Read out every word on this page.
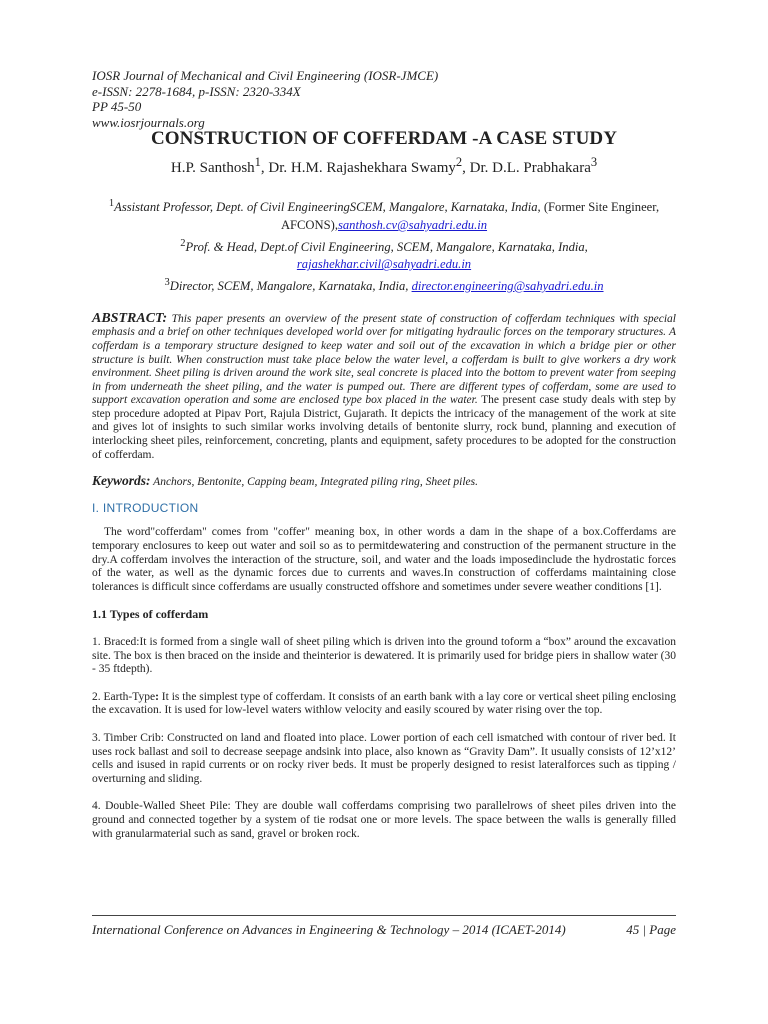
IOSR Journal of Mechanical and Civil Engineering (IOSR-JMCE)
e-ISSN: 2278-1684, p-ISSN: 2320-334X
PP 45-50
www.iosrjournals.org
CONSTRUCTION OF COFFERDAM -A CASE STUDY
H.P. Santhosh$^1$, Dr. H.M. Rajashekhara Swamy$^2$, Dr. D.L. Prabhakara$^3$
$^1$Assistant Professor, Dept. of Civil EngineeringSCEM, Mangalore, Karnataka, India, (Former Site Engineer, AFCONS),santhosh.cv@sahyadri.edu.in
$^2$Prof. & Head, Dept.of Civil Engineering, SCEM, Mangalore, Karnataka, India,
rajashekhar.civil@sahyadri.edu.in
$^3$Director, SCEM, Mangalore, Karnataka, India, director.engineering@sahyadri.edu.in

ABSTRACT: This paper presents an overview of the present state of construction of cofferdam techniques with special emphasis and a brief on other techniques developed world over for mitigating hydraulic forces on the temporary structures. A cofferdam is a temporary structure designed to keep water and soil out of the excavation in which a bridge pier or other structure is built. When construction must take place below the water level, a cofferdam is built to give workers a dry work environment. Sheet piling is driven around the work site, seal concrete is placed into the bottom to prevent water from seeping in from underneath the sheet piling, and the water is pumped out. There are different types of cofferdam, some are used to support excavation operation and some are enclosed type box placed in the water. The present case study deals with step by step procedure adopted at Pipav Port, Rajula District, Gujarath. It depicts the intricacy of the management of the work at site and gives lot of insights to such similar works involving details of bentonite slurry, rock bund, planning and execution of interlocking sheet piles, reinforcement, concreting, plants and equipment, safety procedures to be adopted for the construction of cofferdam.

Keywords: Anchors, Bentonite, Capping beam, Integrated piling ring, Sheet piles.

I. INTRODUCTION

The word"cofferdam" comes from "coffer" meaning box, in other words a dam in the shape of a box.Cofferdams are temporary enclosures to keep out water and soil so as to permitdewatering and construction of the permanent structure in the dry.A cofferdam involves the interaction of the structure, soil, and water and the loads imposedinclude the hydrostatic forces of the water, as well as the dynamic forces due to currents and waves.In construction of cofferdams maintaining close tolerances is difficult since cofferdams are usually constructed offshore and sometimes under severe weather conditions [1].

1.1 Types of cofferdam

1. Braced:It is formed from a single wall of sheet piling which is driven into the ground toform a “box” around the excavation site. The box is then braced on the inside and theinterior is dewatered. It is primarily used for bridge piers in shallow water (30 - 35 ftdepth).

2. Earth-Type: It is the simplest type of cofferdam. It consists of an earth bank with a lay core or vertical sheet piling enclosing the excavation. It is used for low-level waters withlow velocity and easily scoured by water rising over the top.

3. Timber Crib: Constructed on land and floated into place. Lower portion of each cell ismatched with contour of river bed. It uses rock ballast and soil to decrease seepage andsink into place, also known as “Gravity Dam”. It usually consists of 12’x12’ cells and isused in rapid currents or on rocky river beds. It must be properly designed to resist lateralforces such as tipping / overturning and sliding.

4. Double-Walled Sheet Pile: They are double wall cofferdams comprising two parallelrows of sheet piles driven into the ground and connected together by a system of tie rodsat one or more levels. The space between the walls is generally filled with granularmaterial such as sand, gravel or broken rock.

International Conference on Advances in Engineering & Technology – 2014 (ICAET-2014)	45 | Page
